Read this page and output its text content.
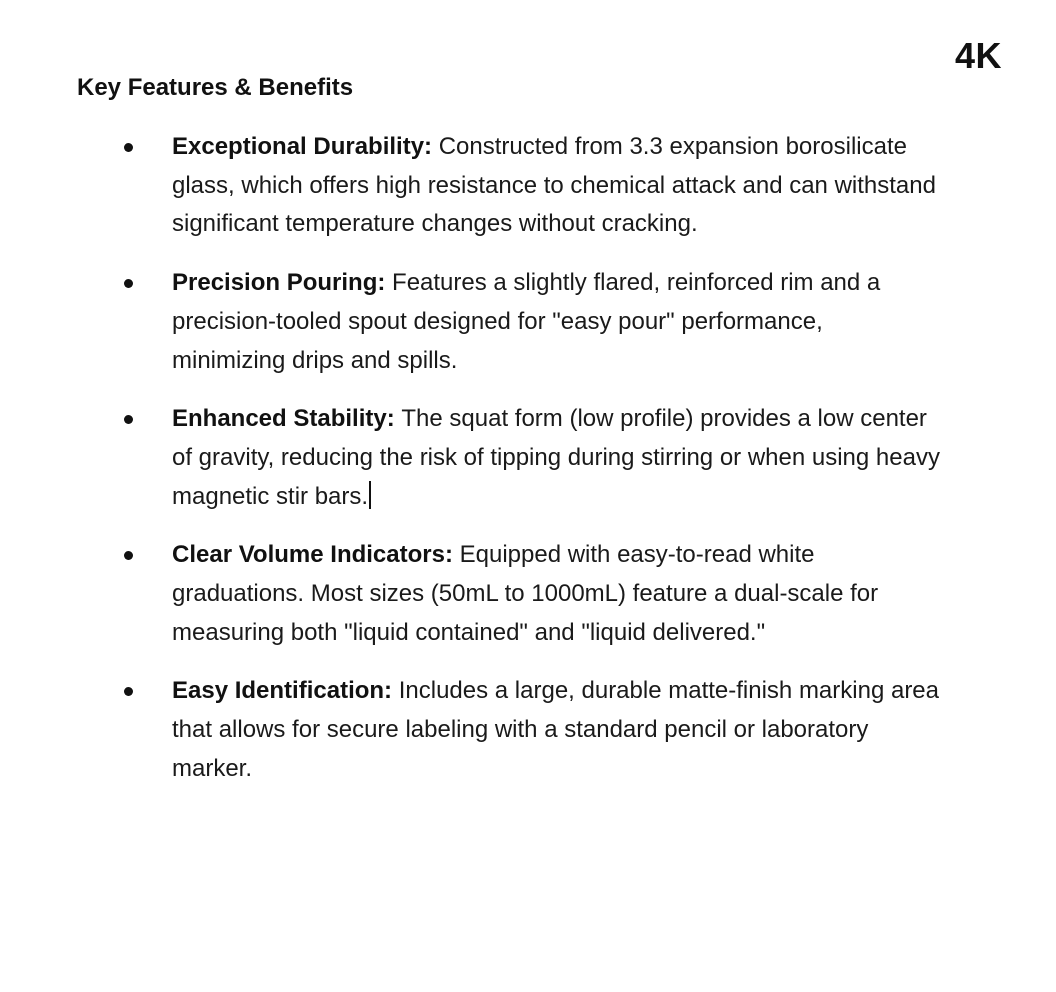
4K
Key Features & Benefits
Exceptional Durability: Constructed from 3.3 expansion borosilicate glass, which offers high resistance to chemical attack and can withstand significant temperature changes without cracking.
Precision Pouring: Features a slightly flared, reinforced rim and a precision-tooled spout designed for "easy pour" performance, minimizing drips and spills.
Enhanced Stability: The squat form (low profile) provides a low center of gravity, reducing the risk of tipping during stirring or when using heavy magnetic stir bars.
Clear Volume Indicators: Equipped with easy-to-read white graduations. Most sizes (50mL to 1000mL) feature a dual-scale for measuring both "liquid contained" and "liquid delivered."
Easy Identification: Includes a large, durable matte-finish marking area that allows for secure labeling with a standard pencil or laboratory marker.
